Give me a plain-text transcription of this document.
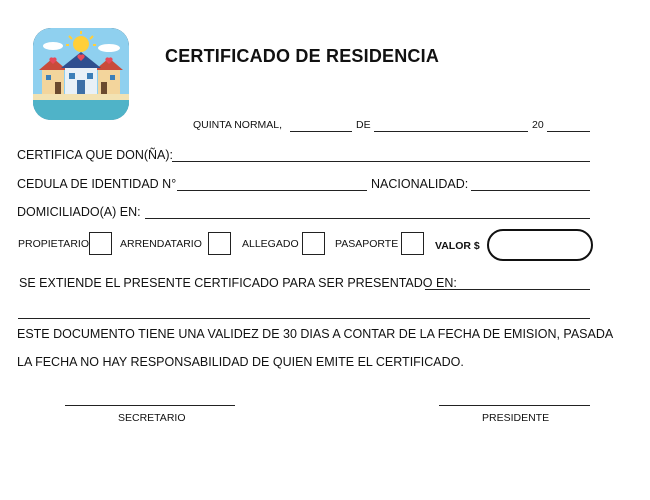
CERTIFICADO DE RESIDENCIA
QUINTA NORMAL,	DE	20
CERTIFICA QUE DON(ÑA):
CEDULA DE IDENTIDAD N°	NACIONALIDAD:
DOMICILIADO(A) EN:
PROPIETARIO	ARRENDATARIO	ALLEGADO	PASAPORTE	VALOR $
SE EXTIENDE EL PRESENTE CERTIFICADO PARA SER PRESENTADO EN:
ESTE DOCUMENTO TIENE UNA VALIDEZ DE 30 DIAS A CONTAR DE LA FECHA DE EMISION, PASADA
LA FECHA NO HAY RESPONSABILIDAD DE QUIEN EMITE EL CERTIFICADO.
SECRETARIO	PRESIDENTE
